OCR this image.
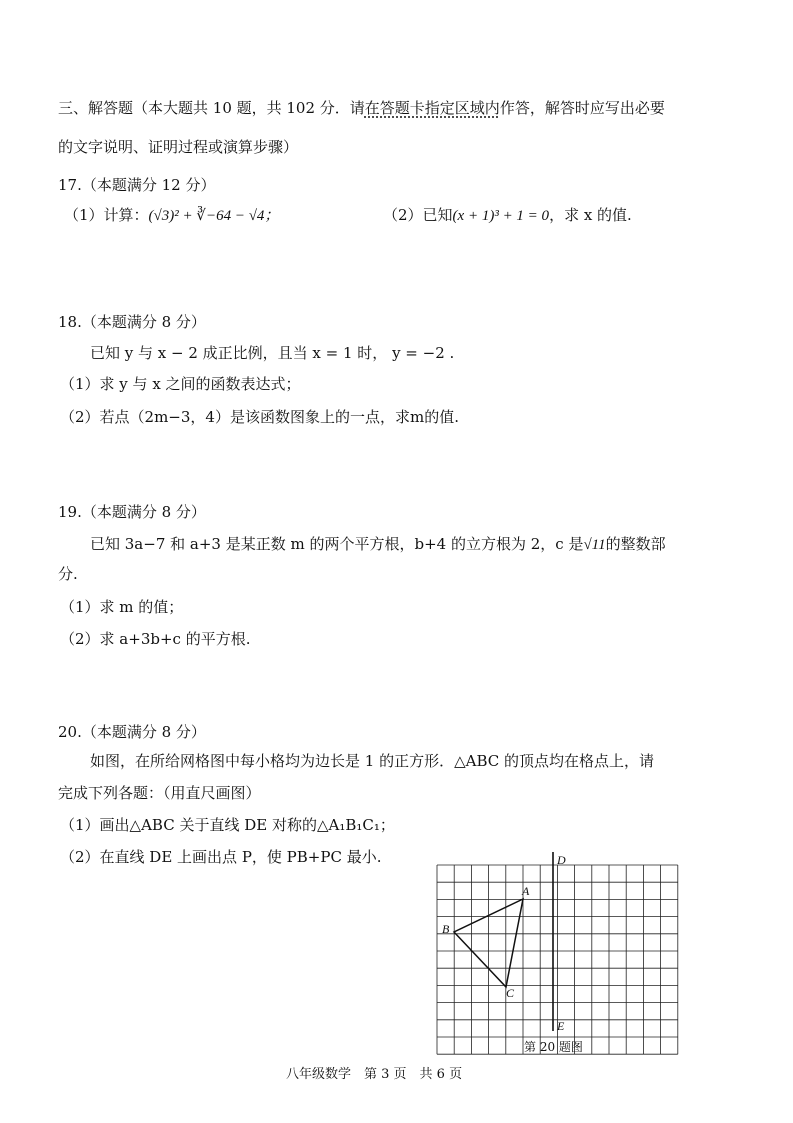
三、解答题（本大题共 10 题，共 102 分．请在答题卡指定区域内作答，解答时应写出必要
的文字说明、证明过程或演算步骤）
17.（本题满分 12 分）
（1）计算：(√3)² + ∛−64 − √4；	（2）已知(x + 1)³ + 1 = 0，求 x 的值.
18.（本题满分 8 分）
已知 y 与 x − 2 成正比例，且当 x = 1 时， y = −2 .
（1）求 y 与 x 之间的函数表达式；
（2）若点（2m−3，4）是该函数图象上的一点，求m的值.
19.（本题满分 8 分）
已知 3a−7 和 a+3 是某正数 m 的两个平方根，b+4 的立方根为 2，c 是√11的整数部
分.
（1）求 m 的值；
（2）求 a+3b+c 的平方根.
20.（本题满分 8 分）
如图，在所给网格图中每小格均为边长是 1 的正方形．△ABC 的顶点均在格点上，请
完成下列各题：（用直尺画图）
（1）画出△ABC 关于直线 DE 对称的△A₁B₁C₁；
（2）在直线 DE 上画出点 P，使 PB+PC 最小.	D
A
B
C
E
第 20 题图
八年级数学　第 3 页　共 6 页
